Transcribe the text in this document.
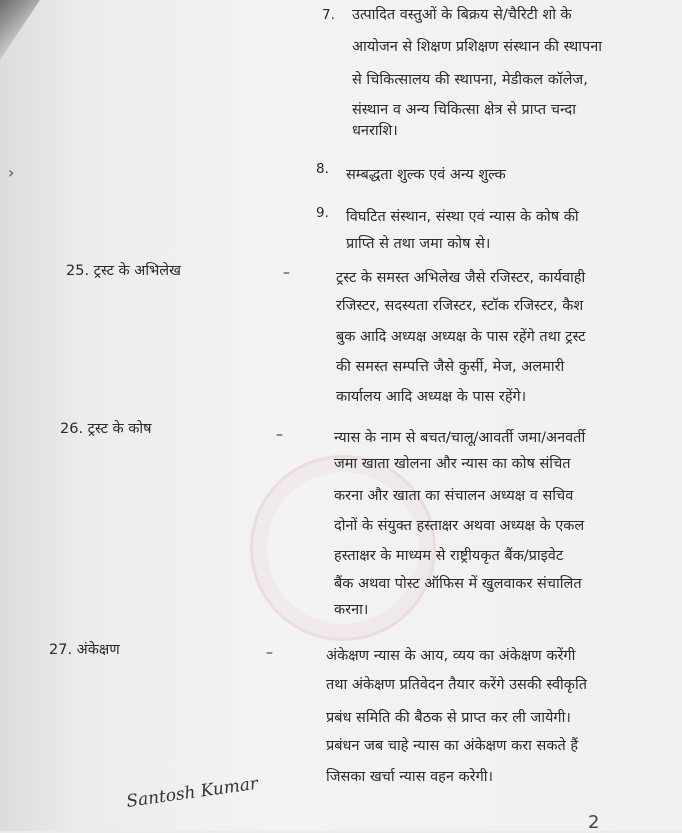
›
7. उत्पादित वस्तुओं के बिक्रय से/चैरिटी शो के
आयोजन से शिक्षण प्रशिक्षण संस्थान की स्थापना
से चिकित्सालय की स्थापना, मेडीकल कॉलेज,
संस्थान व अन्य चिकित्सा क्षेत्र से प्राप्त चन्दा
धनराशि।
8. सम्बद्धता शुल्क एवं अन्य शुल्क
9. विघटित संस्थान, संस्था एवं न्यास के कोष की
प्राप्ति से तथा जमा कोष से।
25. ट्रस्ट के अभिलेख	–	ट्रस्ट के समस्त अभिलेख जैसे रजिस्टर, कार्यवाही
रजिस्टर, सदस्यता रजिस्टर, स्टॉक रजिस्टर, कैश
बुक आदि अध्यक्ष अध्यक्ष के पास रहेंगे तथा ट्रस्ट
की समस्त सम्पत्ति जैसे कुर्सी, मेज, अलमारी
कार्यालय आदि अध्यक्ष के पास रहेंगे।
26. ट्रस्ट के कोष	–	न्यास के नाम से बचत/चालू/आवर्ती जमा/अनवर्ती
जमा खाता खोलना और न्यास का कोष संचित
करना और खाता का संचालन अध्यक्ष व सचिव
दोनों के संयुक्त हस्ताक्षर अथवा अध्यक्ष के एकल
हस्ताक्षर के माध्यम से राष्ट्रीयकृत बैंक/प्राइवेट
बैंक अथवा पोस्ट ऑफिस में खुलवाकर संचालित
करना।
27. अंकेक्षण	–	अंकेक्षण न्यास के आय, व्यय का अंकेक्षण करेंगी
तथा अंकेक्षण प्रतिवेदन तैयार करेंगे उसकी स्वीकृति
प्रबंध समिति की बैठक से प्राप्त कर ली जायेगी।
प्रबंधन जब चाहे न्यास का अंकेक्षण करा सकते हैं
जिसका खर्चा न्यास वहन करेगी।
Santosh Kumar
2
